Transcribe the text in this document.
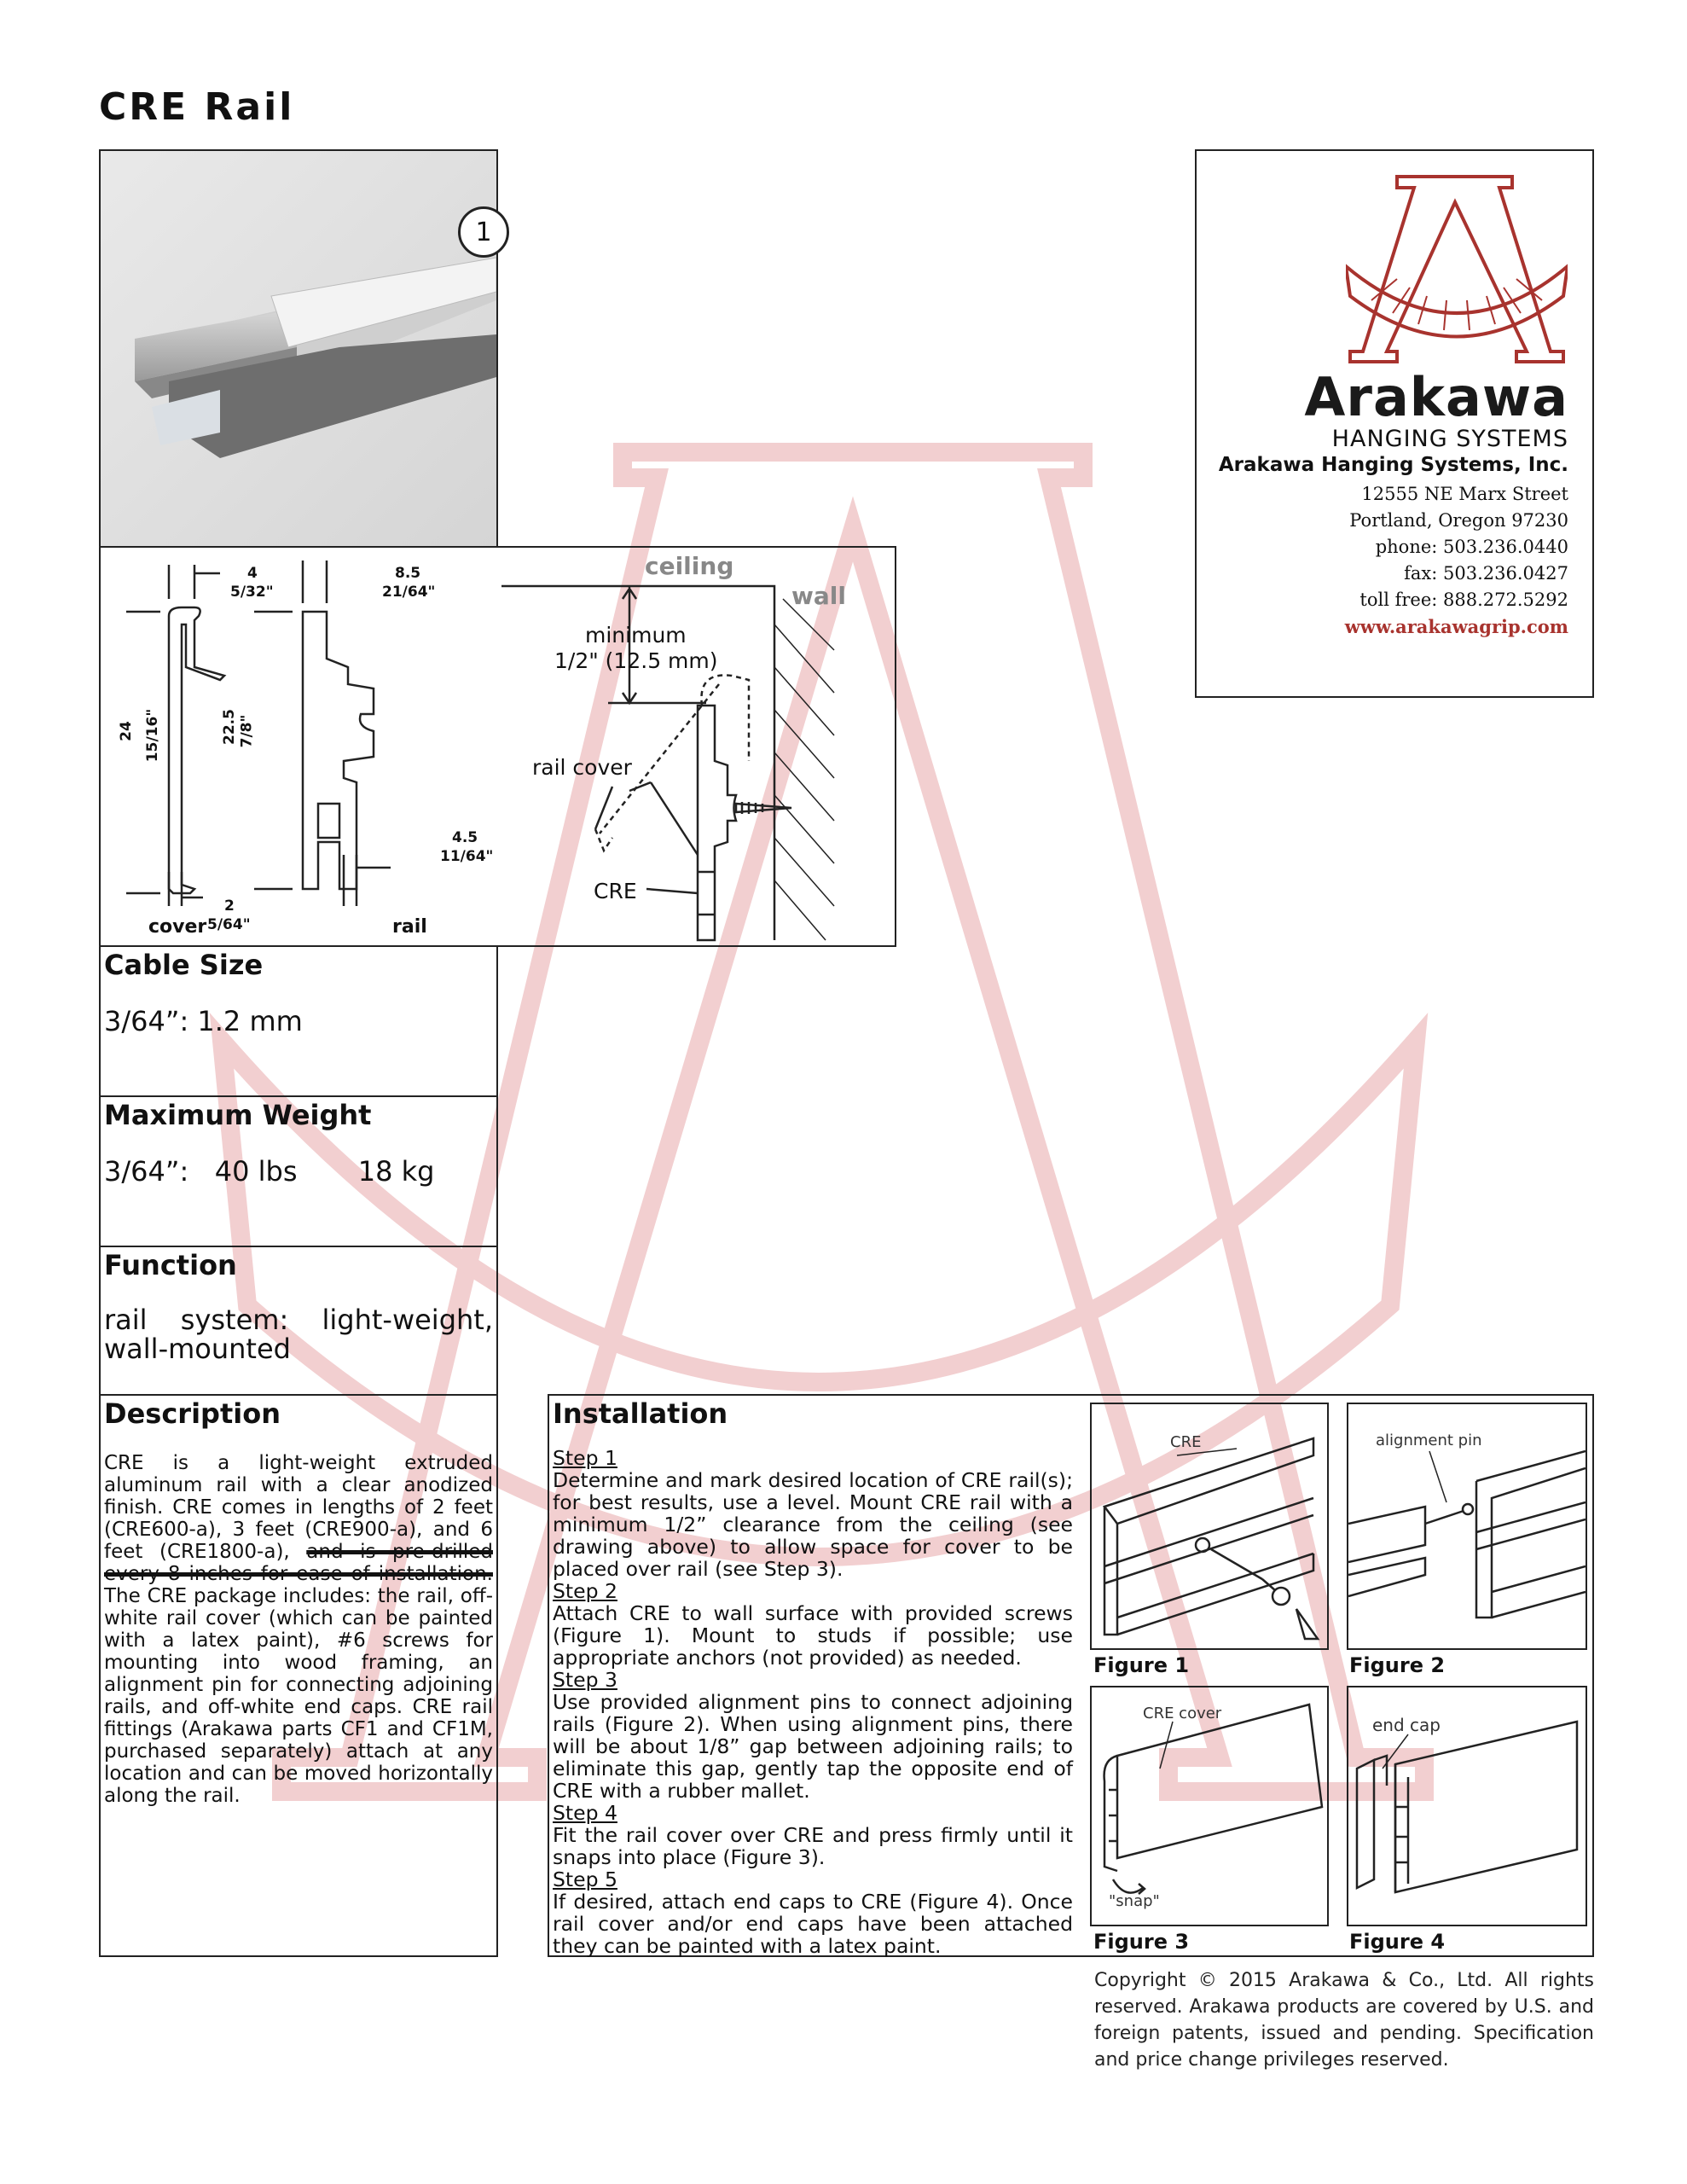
CRE Rail
1
4
5/32"
24 15/16"
2
5/64"
8.5
21/64"
22.5 7/8"
4.5
11/64"
cover	rail
ceiling
wall
minimum
1/2" (12.5 mm)
rail cover
CRE
Arakawa
HANGING SYSTEMS
Arakawa Hanging Systems, Inc.
12555 NE Marx Street
Portland, Oregon 97230
phone: 503.236.0440
fax: 503.236.0427
toll free: 888.272.5292
www.arakawagrip.com

Cable Size

3/64”: 1.2 mm

Maximum Weight

3/64”:   40 lbs       18 kg

Function

rail system: light-weight, wall-mounted

Description

CRE is a light-weight extruded aluminum rail with a clear anodized finish. CRE comes in lengths of 2 feet (CRE600-a), 3 feet (CRE900-a), and 6 feet (CRE1800-a), and is pre-drilled every 8 inches for ease of installation. The CRE package includes: the rail, off-white rail cover (which can be painted with a latex paint), #6 screws for mounting into wood framing, an alignment pin for connecting adjoining rails, and off-white end caps. CRE rail fittings (Arakawa parts CF1 and CF1M, purchased separately) attach at any location and can be moved horizontally along the rail.

Installation

Step 1
Determine and mark desired location of CRE rail(s); for best results, use a level. Mount CRE rail with a minimum 1/2” clearance from the ceiling (see drawing above) to allow space for cover to be placed over rail (see Step 3).
Step 2
Attach CRE to wall surface with provided screws (Figure 1). Mount to studs if possible; use appropriate anchors (not provided) as needed.
Step 3
Use provided alignment pins to connect adjoining rails (Figure 2). When using alignment pins, there will be about 1/8” gap between adjoining rails; to eliminate this gap, gently tap the opposite end of CRE with a rubber mallet.
Step 4
Fit the rail cover over CRE and press firmly until it snaps into place (Figure 3).
Step 5
If desired, attach end caps to CRE (Figure 4). Once rail cover and/or end caps have been attached they can be painted with a latex paint.
CRE
Figure 1
alignment pin
Figure 2
CRE cover
"snap"
Figure 3
end cap
Figure 4
Copyright © 2015 Arakawa & Co., Ltd. All rights reserved. Arakawa products are covered by U.S. and foreign patents, issued and pending. Specification and price change privileges reserved.
